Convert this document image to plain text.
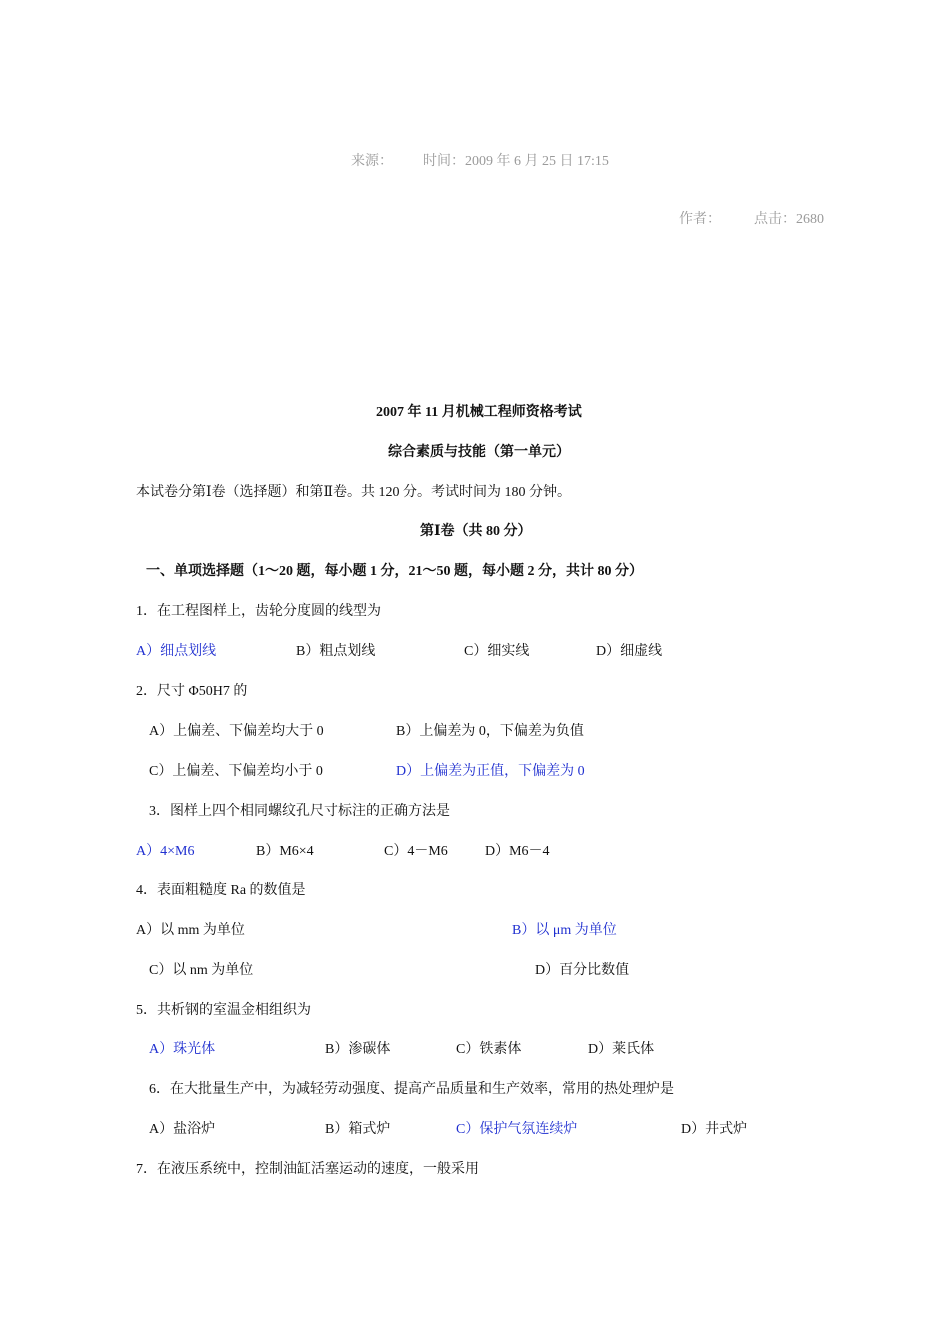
来源： 时间：2009 年 6 月 25 日 17:15
作者： 点击：2680
2007 年 11 月机械工程师资格考试
综合素质与技能（第一单元）
本试卷分第Ⅰ卷（选择题）和第Ⅱ卷。共 120 分。考试时间为 180 分钟。
第Ⅰ卷（共 80 分）
一、单项选择题（1～20 题，每小题 1 分，21～50 题，每小题 2 分，共计 80 分）
1．在工程图样上，齿轮分度圆的线型为
A）细点划线	B）粗点划线	C）细实线	D）细虚线
2．尺寸 Φ50H7 的
A）上偏差、下偏差均大于 0	B）上偏差为 0，下偏差为负值
C）上偏差、下偏差均小于 0	D）上偏差为正值，下偏差为 0
3．图样上四个相同螺纹孔尺寸标注的正确方法是
A）4×M6	B）M6×4	C）4－M6	D）M6－4
4．表面粗糙度 Ra 的数值是
A）以 mm 为单位	B）以 μm 为单位
C）以 nm 为单位	D）百分比数值
5．共析钢的室温金相组织为
A）珠光体	B）渗碳体	C）铁素体	D）莱氏体
6．在大批量生产中，为减轻劳动强度、提高产品质量和生产效率，常用的热处理炉是
A）盐浴炉	B）箱式炉	C）保护气氛连续炉	D）井式炉
7．在液压系统中，控制油缸活塞运动的速度，一般采用
